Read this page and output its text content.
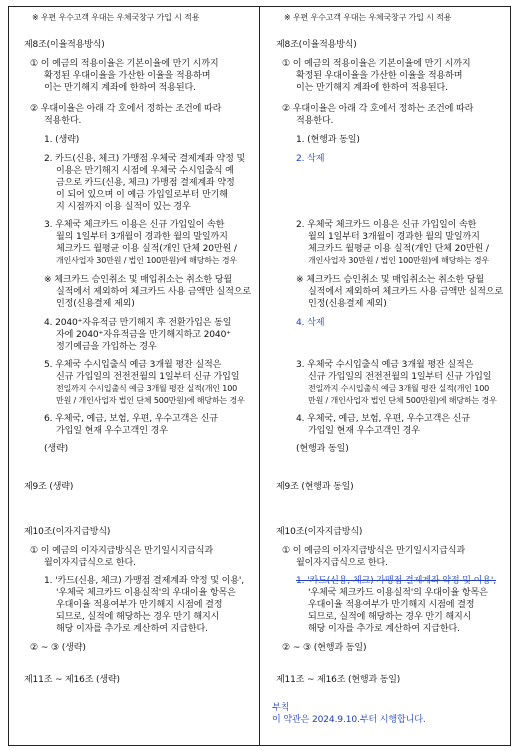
※ 우편 우수고객 우대는 우체국창구 가입 시 적용
제8조(이율적용방식)
① 이 예금의 적용이율은 기본이율에 만기 시까지
확정된 우대이율을 가산한 이율을 적용하며
이는 만기해지 계좌에 한하여 적용된다.
② 우대이율은 아래 각 호에서 정하는 조건에 따라
적용한다.
1. (생략)
2. 카드(신용, 체크) 가맹점 우체국 결제계좌 약정 및
이용은 만기해지 시점에 우체국 수시입출식 예
금으로 카드(신용, 체크) 가맹점 결제계좌 약정
이 되어 있으며 이 예금 가입일로부터 만기해
지 시점까지 이용 실적이 있는 경우
3. 우체국 체크카드 이용은 신규 가입일이 속한
월의 1일부터 3개월이 경과한 월의 말일까지
체크카드 월평균 이용 실적(개인 단체 20만원 /
개인사업자 30만원 / 법인 100만원)에 해당하는 경우
※ 체크카드 승인취소 및 매입취소는 취소한 당월
실적에서 제외하여 체크카드 사용 금액만 실적으로
인정(신용결제 제외)
4. 2040⁺자유적금 만기해지 후 전환가입은 동일
자에 2040⁺자유적금을 만기해지하고 2040⁺
정기예금을 가입하는 경우
5. 우체국 수시입출식 예금 3개월 평잔 실적은
신규 가입일의 전전전월의 1일부터 신규 가입일
전일까지 수시입출식 예금 3개월 평잔 실적(개인 100
만원 / 개인사업자 법인 단체 500만원)에 해당하는 경우
6. 우체국, 예금, 보험, 우편, 우수고객은 신규
가입일 현재 우수고객인 경우
(생략)
제9조 (생략)
제10조(이자지급방식)
① 이 예금의 이자지급방식은 만기일시지급식과
월이자지급식으로 한다.
1. '카드(신용, 체크) 가맹점 결제계좌 약정 및 이용',
'우체국 체크카드 이용실적'의 우대이율 항목은
우대이율 적용여부가 만기해지 시점에 결정
되므로, 실적에 해당하는 경우 만기 해지시
해당 이자를 추가로 계산하여 지급한다.
② ~ ③ (생략)
제11조 ~ 제16조 (생략)
※ 우편 우수고객 우대는 우체국창구 가입 시 적용
제8조(이율적용방식)
① 이 예금의 적용이율은 기본이율에 만기 시까지
확정된 우대이율을 가산한 이율을 적용하며
이는 만기해지 계좌에 한하여 적용된다.
② 우대이율은 아래 각 호에서 정하는 조건에 따라
적용한다.
1. (현행과 동일)
2. 삭제
2. 우체국 체크카드 이용은 신규 가입일이 속한
월의 1일부터 3개월이 경과한 월의 말일까지
체크카드 월평균 이용 실적(개인 단체 20만원 /
개인사업자 30만원 / 법인 100만원)에 해당하는 경우
※ 체크카드 승인취소 및 매입취소는 취소한 당월
실적에서 제외하여 체크카드 사용 금액만 실적으로
인정(신용결제 제외)
4. 삭제
3. 우체국 수시입출식 예금 3개월 평잔 실적은
신규 가입일의 전전전월의 1일부터 신규 가입일
전일까지 수시입출식 예금 3개월 평잔 실적(개인 100
만원 / 개인사업자 법인 단체 500만원)에 해당하는 경우
4. 우체국, 예금, 보험, 우편, 우수고객은 신규
가입일 현재 우수고객인 경우
(현행과 동일)
제9조 (현행과 동일)
제10조(이자지급방식)
① 이 예금의 이자지급방식은 만기일시지급식과
월이자지급식으로 한다.
1. '카드(신용, 체크) 가맹점 결제계좌 약정 및 이용',
'우체국 체크카드 이용실적'의 우대이율 항목은
우대이율 적용여부가 만기해지 시점에 결정
되므로, 실적에 해당하는 경우 만기 해지시
해당 이자를 추가로 계산하여 지급한다.
② ~ ③ (현행과 동일)
제11조 ~ 제16조 (현행과 동일)
부칙
이 약관은 2024.9.10.부터 시행합니다.
